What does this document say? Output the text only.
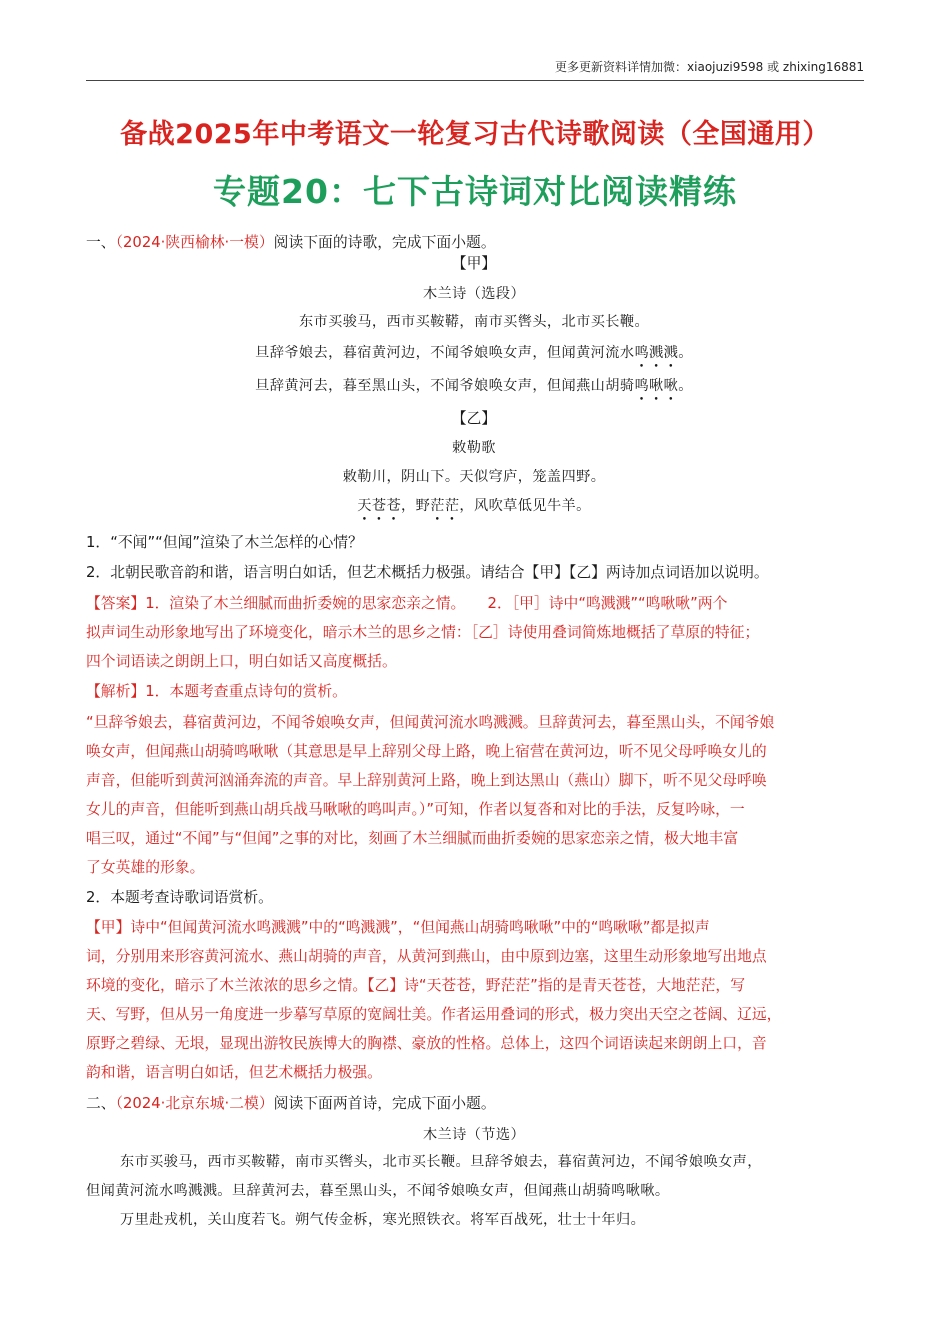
更多更新资料详情加微：xiaojuzi9598 或 zhixing16881
备战2025年中考语文一轮复习古代诗歌阅读（全国通用）
专题20：七下古诗词对比阅读精练
一、（2024·陕西榆林·一模）阅读下面的诗歌，完成下面小题。
【甲】
木兰诗（选段）
东市买骏马，西市买鞍鞯，南市买辔头，北市买长鞭。
旦辞爷娘去，暮宿黄河边，不闻爷娘唤女声，但闻黄河流水鸣溅溅。
旦辞黄河去，暮至黑山头，不闻爷娘唤女声，但闻燕山胡骑鸣啾啾。
【乙】
敕勒歌
敕勒川，阴山下。天似穹庐，笼盖四野。
天苍苍，野茫茫，风吹草低见牛羊。
1．“不闻”“但闻”渲染了木兰怎样的心情？
2．北朝民歌音韵和谐，语言明白如话，但艺术概括力极强。请结合【甲】【乙】两诗加点词语加以说明。
【答案】1．渲染了木兰细腻而曲折委婉的思家恋亲之情。　　2．［甲］诗中“鸣溅溅”“鸣啾啾”两个
拟声词生动形象地写出了环境变化，暗示木兰的思乡之情：［乙］诗使用叠词简炼地概括了草原的特征；
四个词语读之朗朗上口，明白如话又高度概括。
【解析】1．本题考查重点诗句的赏析。
“旦辞爷娘去，暮宿黄河边，不闻爷娘唤女声，但闻黄河流水鸣溅溅。旦辞黄河去，暮至黑山头，不闻爷娘
唤女声，但闻燕山胡骑鸣啾啾（其意思是早上辞别父母上路，晚上宿营在黄河边，听不见父母呼唤女儿的
声音，但能听到黄河汹涌奔流的声音。早上辞别黄河上路，晚上到达黑山（燕山）脚下，听不见父母呼唤
女儿的声音，但能听到燕山胡兵战马啾啾的鸣叫声。）”可知，作者以复沓和对比的手法，反复吟咏，一
唱三叹，通过“不闻”与“但闻”之事的对比，刻画了木兰细腻而曲折委婉的思家恋亲之情，极大地丰富
了女英雄的形象。
2．本题考查诗歌词语赏析。
【甲】诗中“但闻黄河流水鸣溅溅”中的“鸣溅溅”，“但闻燕山胡骑鸣啾啾”中的“鸣啾啾”都是拟声
词，分别用来形容黄河流水、燕山胡骑的声音，从黄河到燕山，由中原到边塞，这里生动形象地写出地点
环境的变化，暗示了木兰浓浓的思乡之情。【乙】诗“天苍苍，野茫茫”指的是青天苍苍，大地茫茫，写
天、写野，但从另一角度进一步摹写草原的宽阔壮美。作者运用叠词的形式，极力突出天空之苍阔、辽远，
原野之碧绿、无垠，显现出游牧民族博大的胸襟、豪放的性格。总体上，这四个词语读起来朗朗上口，音
韵和谐，语言明白如话，但艺术概括力极强。
二、（2024·北京东城·二模）阅读下面两首诗，完成下面小题。
木兰诗（节选）
东市买骏马，西市买鞍鞯，南市买辔头，北市买长鞭。旦辞爷娘去，暮宿黄河边，不闻爷娘唤女声，
但闻黄河流水鸣溅溅。旦辞黄河去，暮至黑山头，不闻爷娘唤女声，但闻燕山胡骑鸣啾啾。
万里赴戎机，关山度若飞。朔气传金柝，寒光照铁衣。将军百战死，壮士十年归。
